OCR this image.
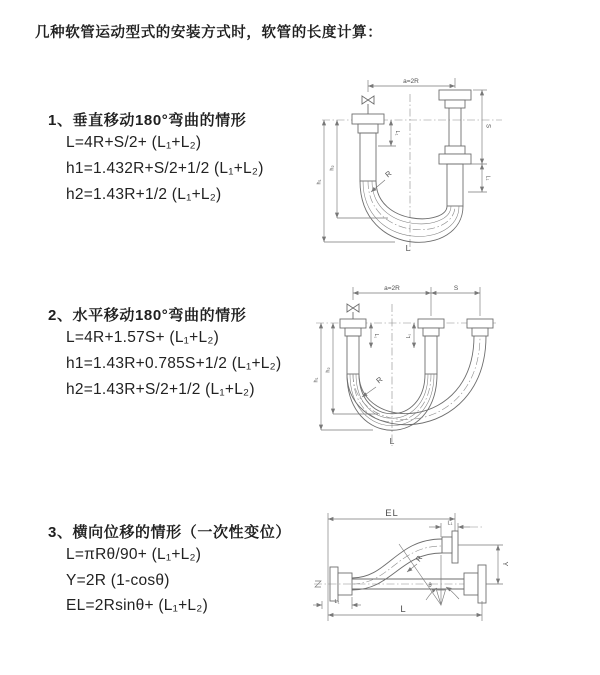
几种软管运动型式的安装方式时，软管的长度计算：
1、垂直移动180°弯曲的情形
L=4R+S/2+ (L₁+L₂)
h1=1.432R+S/2+1/2 (L₁+L₂)
h2=1.43R+1/2 (L₁+L₂)
2、水平移动180°弯曲的情形
L=4R+1.57S+ (L₁+L₂)
h1=1.43R+0.785S+1/2 (L₁+L₂)
h2=1.43R+S/2+1/2 (L₁+L₂)
3、横向位移的情形（一次性变位）
L=πRθ/90+ (L₁+L₂)
Y=2R (1-cosθ)
EL=2Rsinθ+ (L₁+L₂)
a=2R
L₁
S
L₁
h₂
h₁
R
L
a=2R	S
L₁	L₁
h₂
h₁	R
L
EL
L₁
Y
θ
R
L
L₁
